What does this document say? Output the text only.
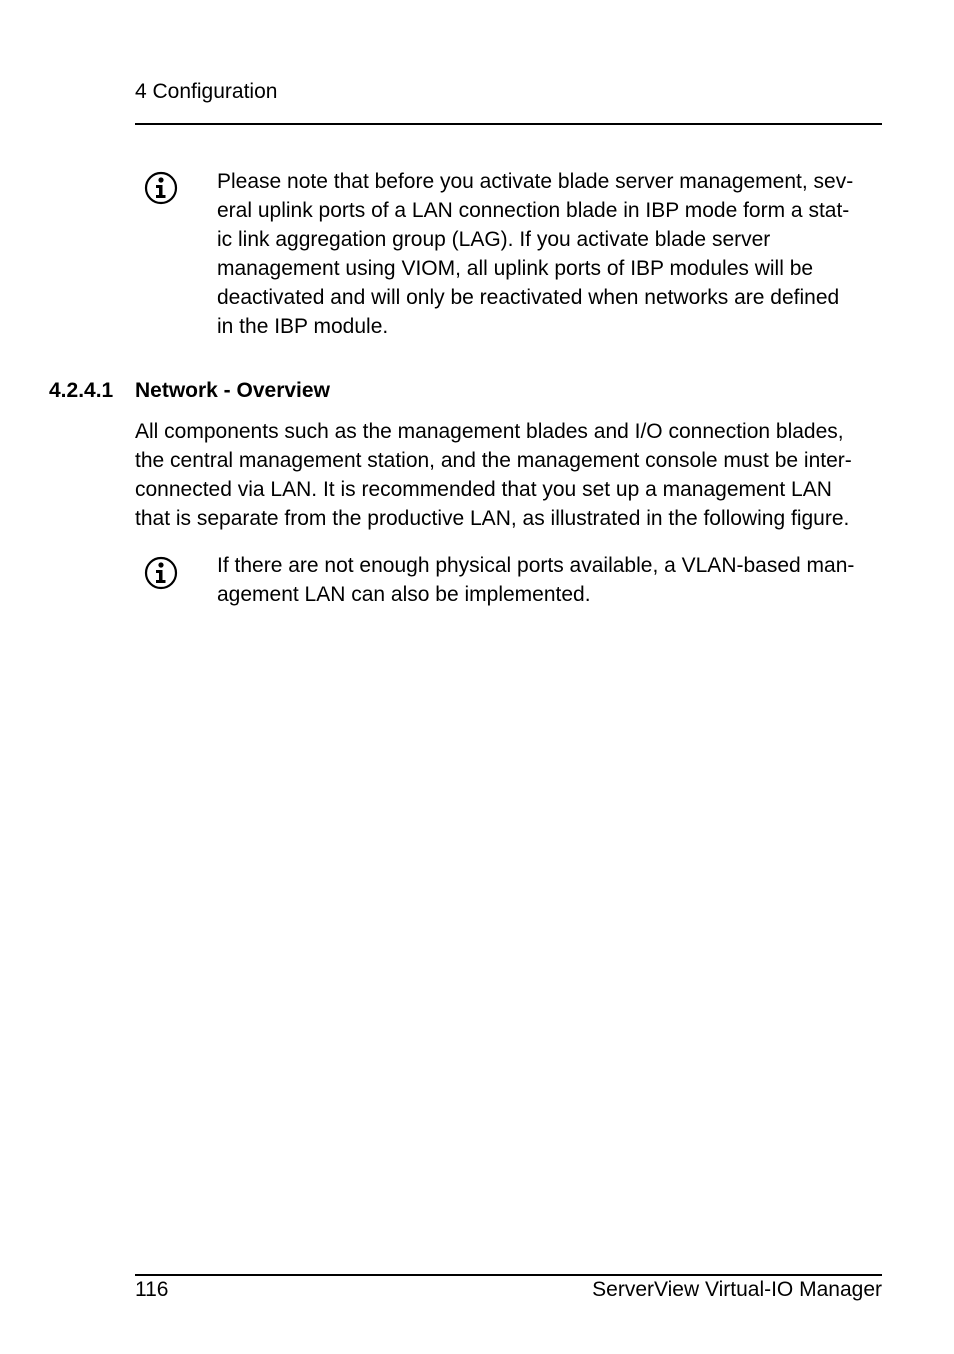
4 Configuration
Please note that before you activate blade server management, sev-
eral uplink ports of a LAN connection blade in IBP mode form a stat-
ic link aggregation group (LAG). If you activate blade server
management using VIOM, all uplink ports of IBP modules will be
deactivated and will only be reactivated when networks are defined
in the IBP module.
4.2.4.1 Network - Overview
All components such as the management blades and I/O connection blades,
the central management station, and the management console must be inter-
connected via LAN. It is recommended that you set up a management LAN
that is separate from the productive LAN, as illustrated in the following figure.
If there are not enough physical ports available, a VLAN-based man-
agement LAN can also be implemented.
116	ServerView Virtual-IO Manager
